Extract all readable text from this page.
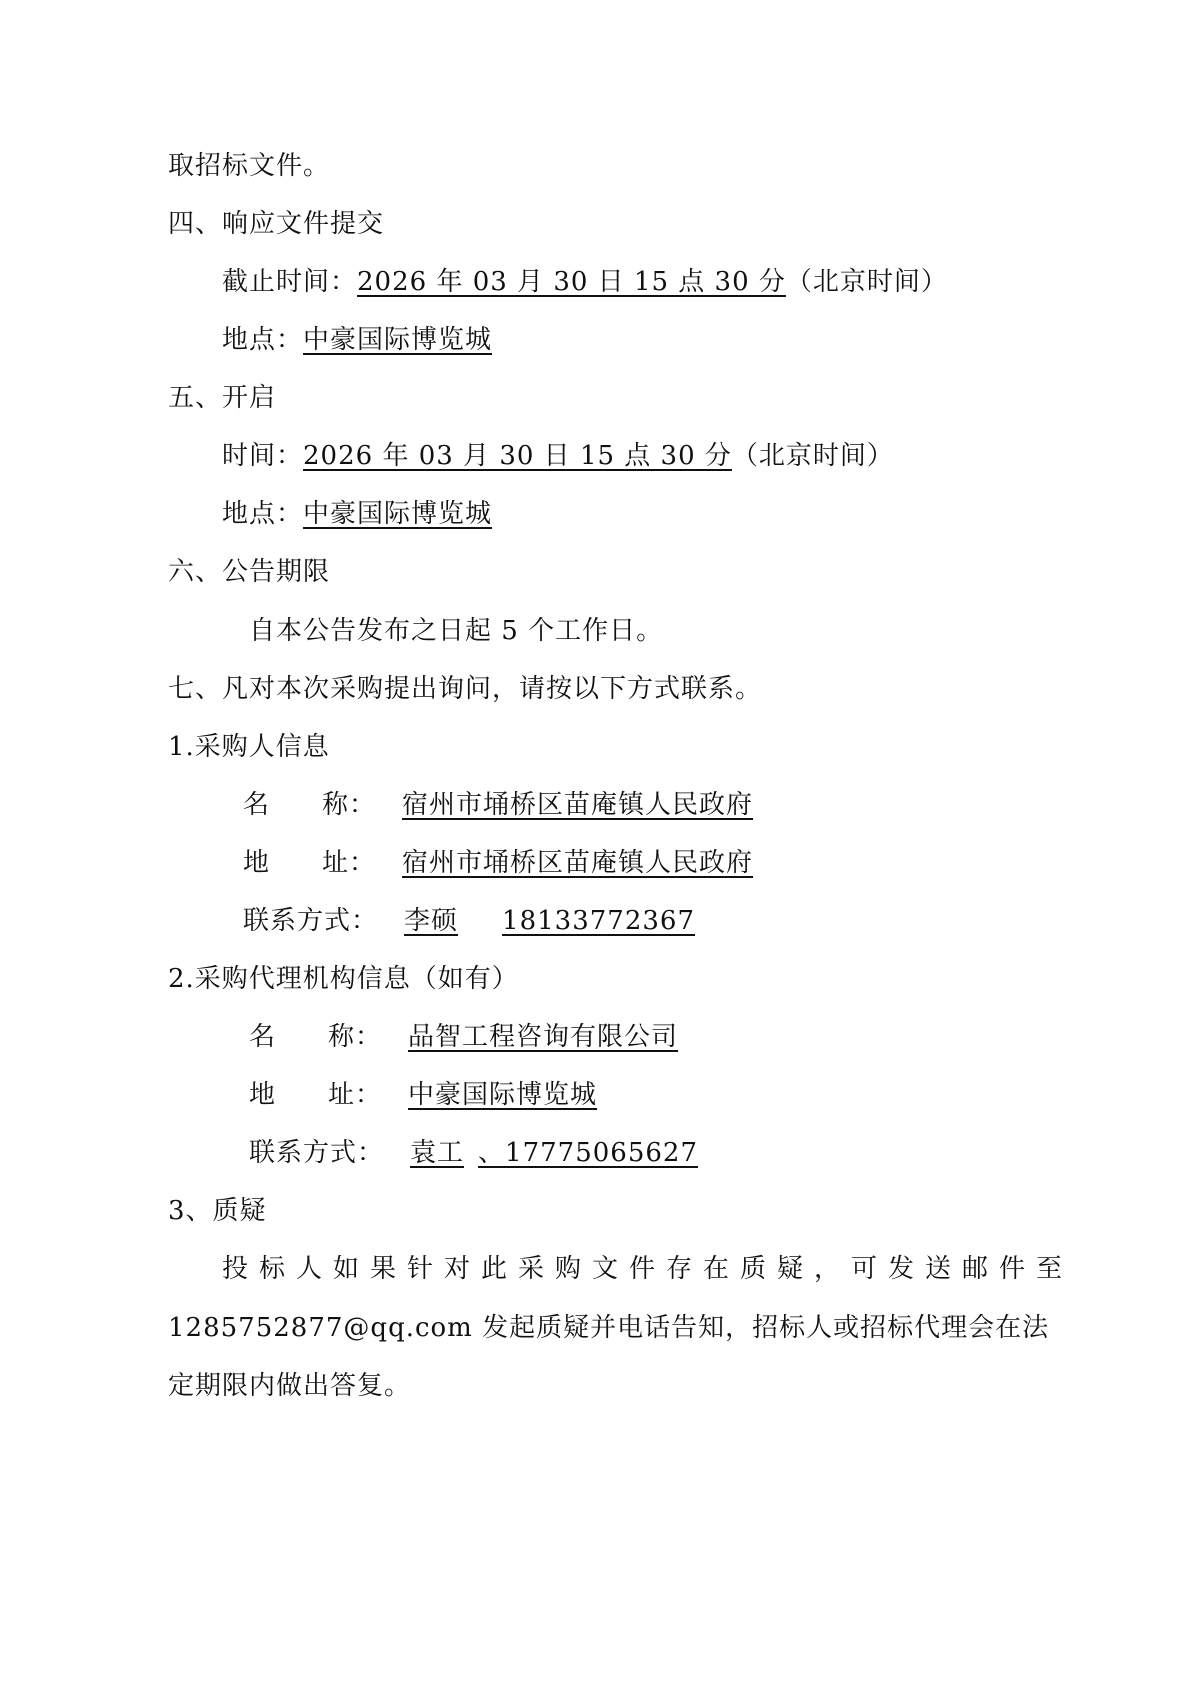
取招标文件。
四、响应文件提交
截止时间：2026 年 03 月 30 日 15 点 30 分（北京时间）
地点：中豪国际博览城
五、开启
时间：2026 年 03 月 30 日 15 点 30 分（北京时间）
地点：中豪国际博览城
六、公告期限
自本公告发布之日起 5 个工作日。
七、凡对本次采购提出询问，请按以下方式联系。
1.采购人信息
名 称： 宿州市埇桥区苗庵镇人民政府
地 址： 宿州市埇桥区苗庵镇人民政府
联系方式： 李硕 18133772367
2.采购代理机构信息（如有）
名 称： 品智工程咨询有限公司
地 址： 中豪国际博览城
联系方式： 袁工 、17775065627
3、质疑
投标人如果针对此采购文件存在质疑，可发送邮件至
1285752877@qq.com 发起质疑并电话告知，招标人或招标代理会在法
定期限内做出答复。
